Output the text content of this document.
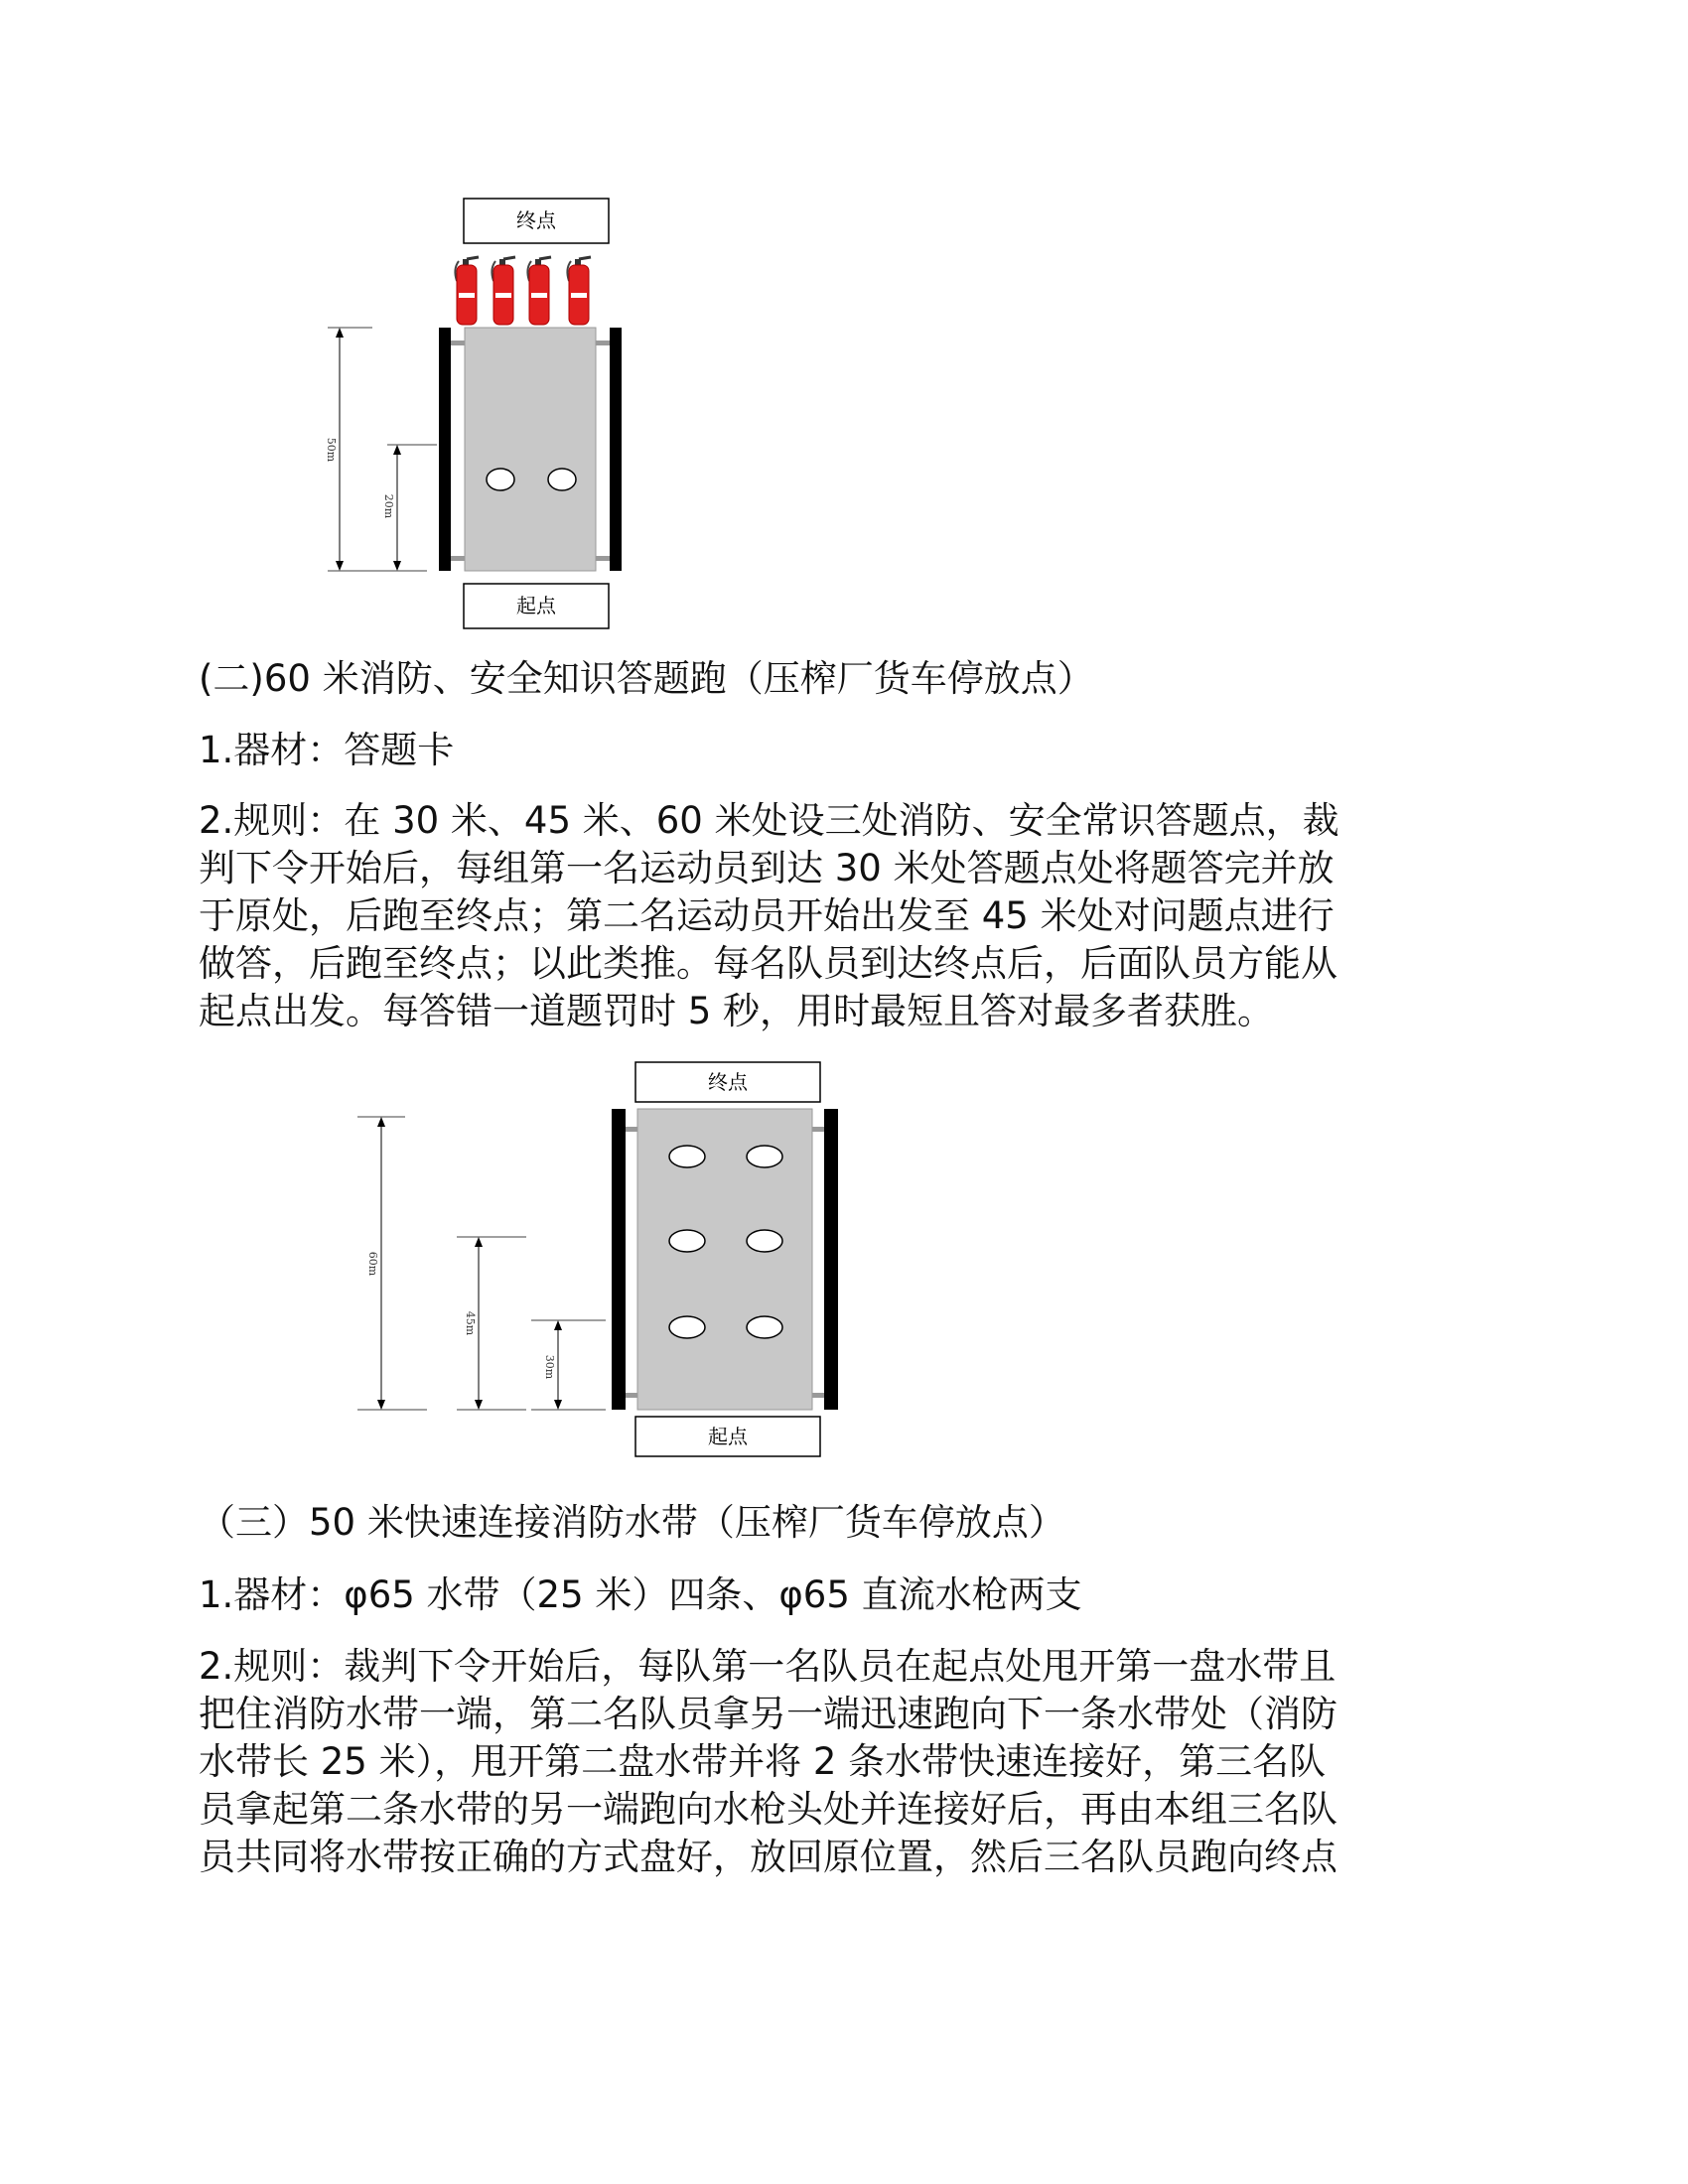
终点
50m
20m
起点
(二)60 米消防、安全知识答题跑（压榨厂货车停放点）
1.器材：答题卡
2.规则：在 30 米、45 米、60 米处设三处消防、安全常识答题点，裁
判下令开始后，每组第一名运动员到达 30 米处答题点处将题答完并放
于原处，后跑至终点；第二名运动员开始出发至 45 米处对问题点进行
做答，后跑至终点；以此类推。每名队员到达终点后，后面队员方能从
起点出发。每答错一道题罚时 5 秒，用时最短且答对最多者获胜。
终点
60m
45m
30m
起点
（三）50 米快速连接消防水带（压榨厂货车停放点）
1.器材：φ65 水带（25 米）四条、φ65 直流水枪两支
2.规则：裁判下令开始后，每队第一名队员在起点处甩开第一盘水带且
把住消防水带一端，第二名队员拿另一端迅速跑向下一条水带处（消防
水带长 25 米），甩开第二盘水带并将 2 条水带快速连接好，第三名队
员拿起第二条水带的另一端跑向水枪头处并连接好后，再由本组三名队
员共同将水带按正确的方式盘好，放回原位置，然后三名队员跑向终点
